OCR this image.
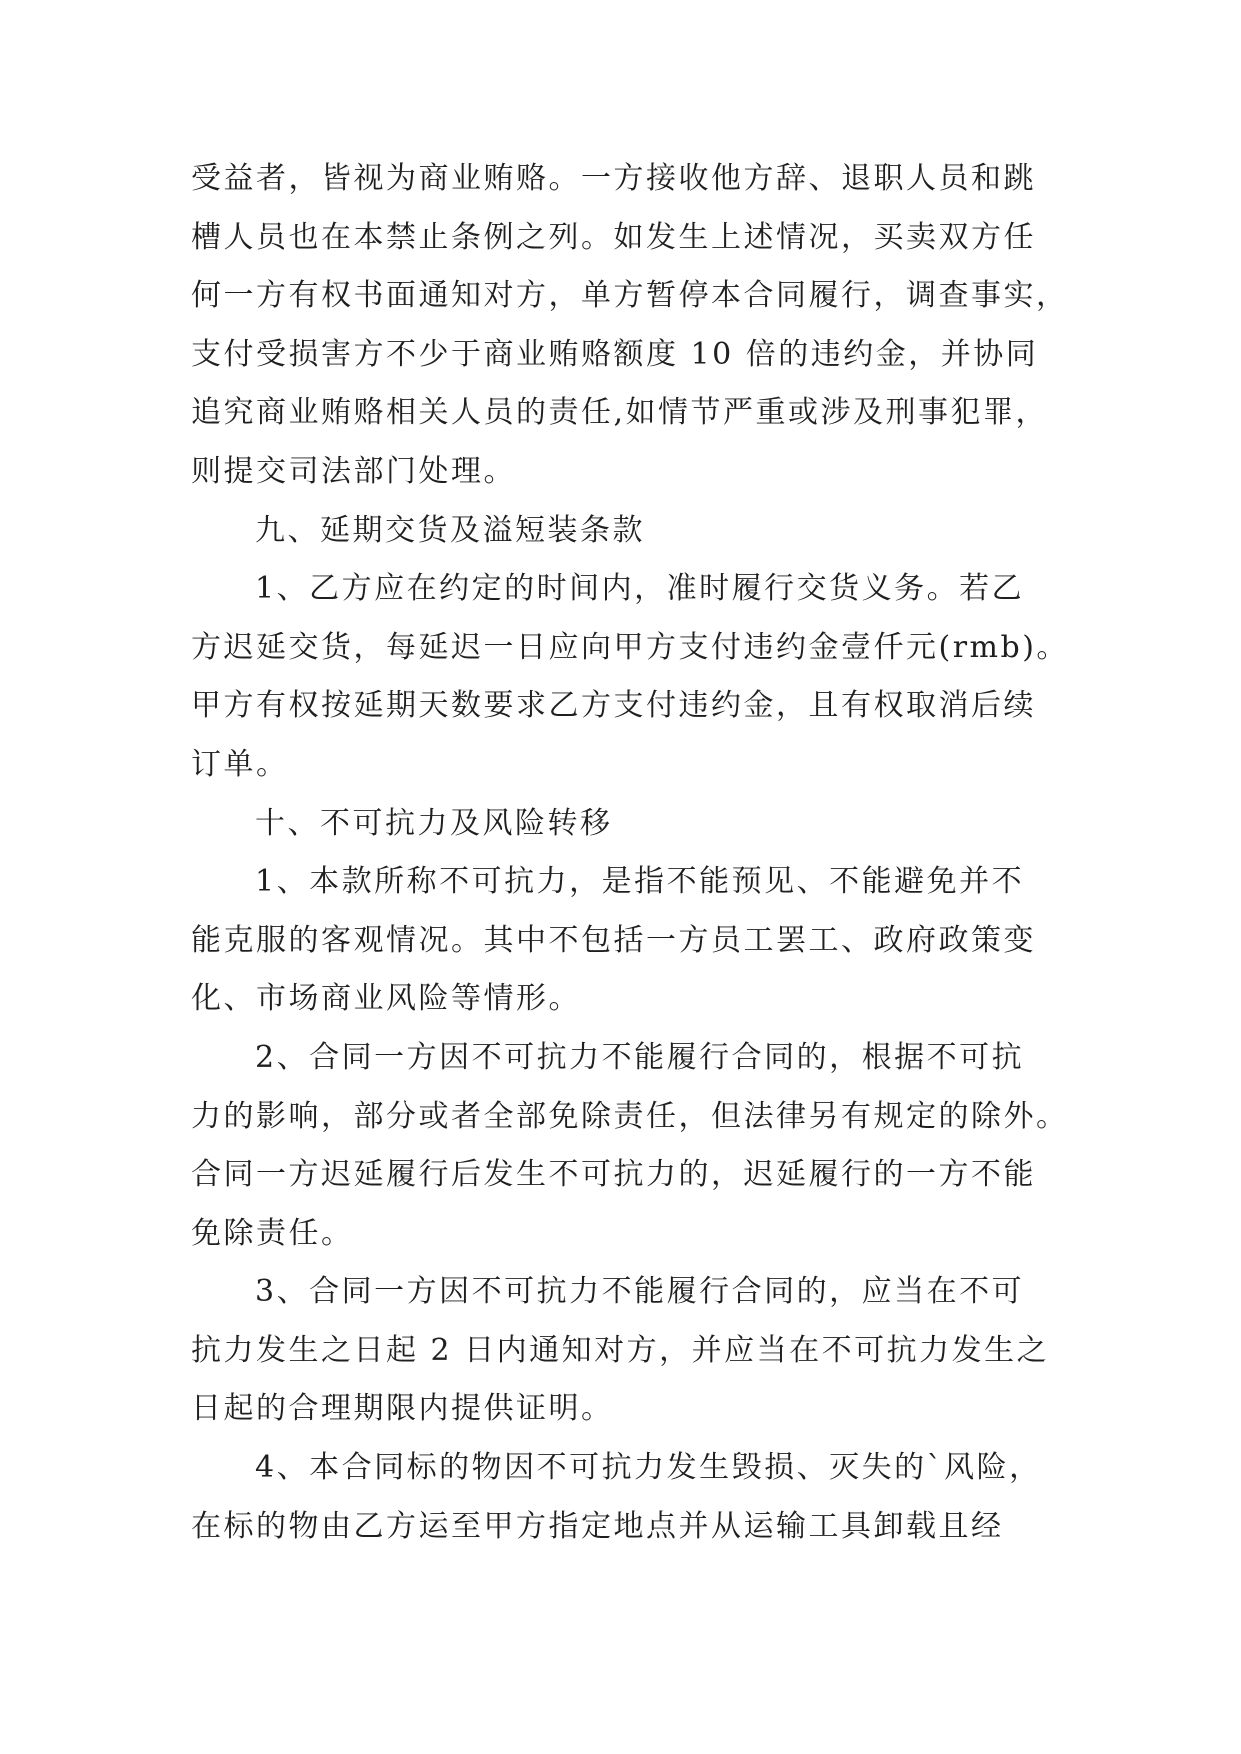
受益者，皆视为商业贿赂。一方接收他方辞、退职人员和跳
槽人员也在本禁止条例之列。如发生上述情况，买卖双方任
何一方有权书面通知对方，单方暂停本合同履行，调查事实，
支付受损害方不少于商业贿赂额度 10 倍的违约金，并协同
追究商业贿赂相关人员的责任,如情节严重或涉及刑事犯罪，
则提交司法部门处理。
九、延期交货及溢短装条款
1、乙方应在约定的时间内，准时履行交货义务。若乙
方迟延交货，每延迟一日应向甲方支付违约金壹仟元(rmb)。
甲方有权按延期天数要求乙方支付违约金，且有权取消后续
订单。
十、不可抗力及风险转移
1、本款所称不可抗力，是指不能预见、不能避免并不
能克服的客观情况。其中不包括一方员工罢工、政府政策变
化、市场商业风险等情形。
2、合同一方因不可抗力不能履行合同的，根据不可抗
力的影响，部分或者全部免除责任，但法律另有规定的除外。
合同一方迟延履行后发生不可抗力的，迟延履行的一方不能
免除责任。
3、合同一方因不可抗力不能履行合同的，应当在不可
抗力发生之日起 2 日内通知对方，并应当在不可抗力发生之
日起的合理期限内提供证明。
4、本合同标的物因不可抗力发生毁损、灭失的`风险，
在标的物由乙方运至甲方指定地点并从运输工具卸载且经
